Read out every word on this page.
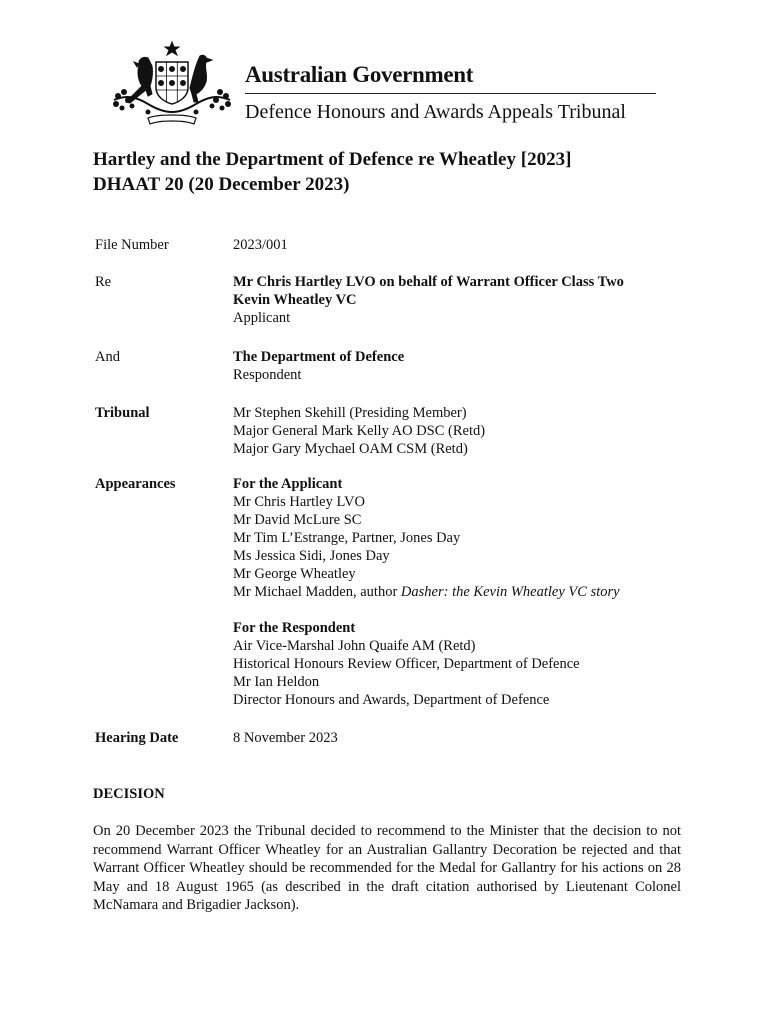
Australian Government
Defence Honours and Awards Appeals Tribunal
Hartley and the Department of Defence re Wheatley [2023]
DHAAT 20 (20 December 2023)
File Number	2023/001
Re	Mr Chris Hartley LVO on behalf of Warrant Officer Class Two
Kevin Wheatley VC
Applicant
And	The Department of Defence
Respondent
Tribunal	Mr Stephen Skehill (Presiding Member)
Major General Mark Kelly AO DSC (Retd)
Major Gary Mychael OAM CSM (Retd)
Appearances	For the Applicant
Mr Chris Hartley LVO
Mr David McLure SC
Mr Tim L’Estrange, Partner, Jones Day
Ms Jessica Sidi, Jones Day
Mr George Wheatley
Mr Michael Madden, author Dasher: the Kevin Wheatley VC story
For the Respondent
Air Vice-Marshal John Quaife AM (Retd)
Historical Honours Review Officer, Department of Defence
Mr Ian Heldon
Director Honours and Awards, Department of Defence
Hearing Date	8 November 2023
DECISION

On 20 December 2023 the Tribunal decided to recommend to the Minister that the decision to not recommend Warrant Officer Wheatley for an Australian Gallantry Decoration be rejected and that Warrant Officer Wheatley should be recommended for the Medal for Gallantry for his actions on 28 May and 18 August 1965 (as described in the draft citation authorised by Lieutenant Colonel McNamara and Brigadier Jackson).
